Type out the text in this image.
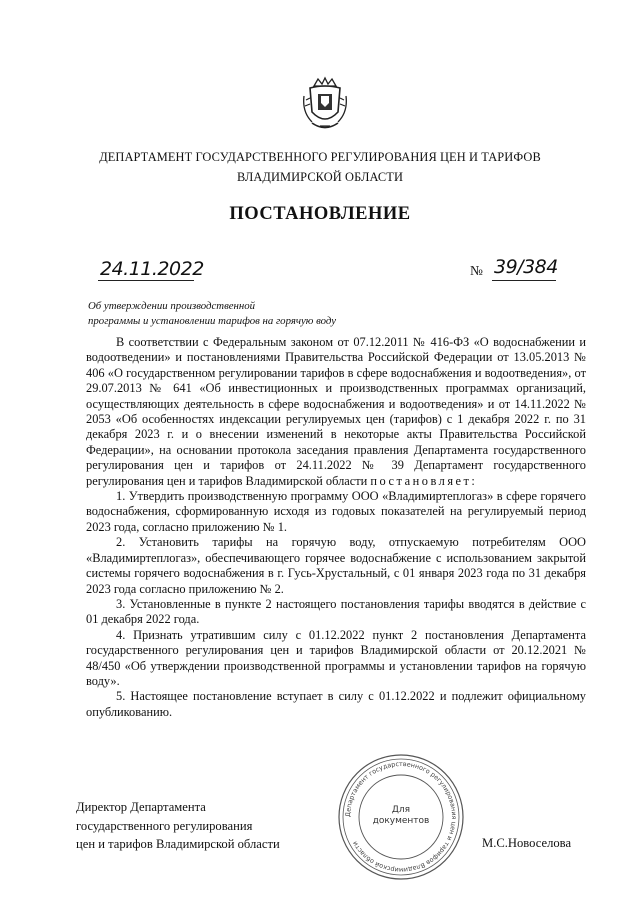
ДЕПАРТАМЕНТ ГОСУДАРСТВЕННОГО РЕГУЛИРОВАНИЯ ЦЕН И ТАРИФОВ
ВЛАДИМИРСКОЙ ОБЛАСТИ
ПОСТАНОВЛЕНИЕ
24.11.2022	№ 39/384
Об утверждении производственной
программы и установлении тарифов на горячую воду

В соответствии с Федеральным законом от 07.12.2011 № 416-ФЗ «О водоснабжении и водоотведении» и постановлениями Правительства Российской Федерации от 13.05.2013 № 406 «О государственном регулировании тарифов в сфере водоснабжения и водоотведения», от 29.07.2013 № 641 «Об инвестиционных и производственных программах организаций, осуществляющих деятельность в сфере водоснабжения и водоотведения» и от 14.11.2022 № 2053 «Об особенностях индексации регулируемых цен (тарифов) с 1 декабря 2022 г. по 31 декабря 2023 г. и о внесении изменений в некоторые акты Правительства Российской Федерации», на основании протокола заседания правления Департамента государственного регулирования цен и тарифов от 24.11.2022 № 39 Департамент государственного регулирования цен и тарифов Владимирской области постановляет:

1. Утвердить производственную программу ООО «Владимиртеплогаз» в сфере горячего водоснабжения, сформированную исходя из годовых показателей на регулируемый период 2023 года, согласно приложению № 1.

2. Установить тарифы на горячую воду, отпускаемую потребителям ООО «Владимиртеплогаз», обеспечивающего горячее водоснабжение с использованием закрытой системы горячего водоснабжения в г. Гусь-Хрустальный, с 01 января 2023 года по 31 декабря 2023 года согласно приложению № 2.

3. Установленные в пункте 2 настоящего постановления тарифы вводятся в действие с 01 декабря 2022 года.

4. Признать утратившим силу с 01.12.2022 пункт 2 постановления Департамента государственного регулирования цен и тарифов Владимирской области от 20.12.2021 № 48/450 «Об утверждении производственной программы и установлении тарифов на горячую воду».

5. Настоящее постановление вступает в силу с 01.12.2022 и подлежит официальному опубликованию.

Департамент государственного регулирования цен и тарифов Владимирской области
Для
документов
Директор Департамента
государственного регулирования
цен и тарифов Владимирской области	М.С.Новоселова
